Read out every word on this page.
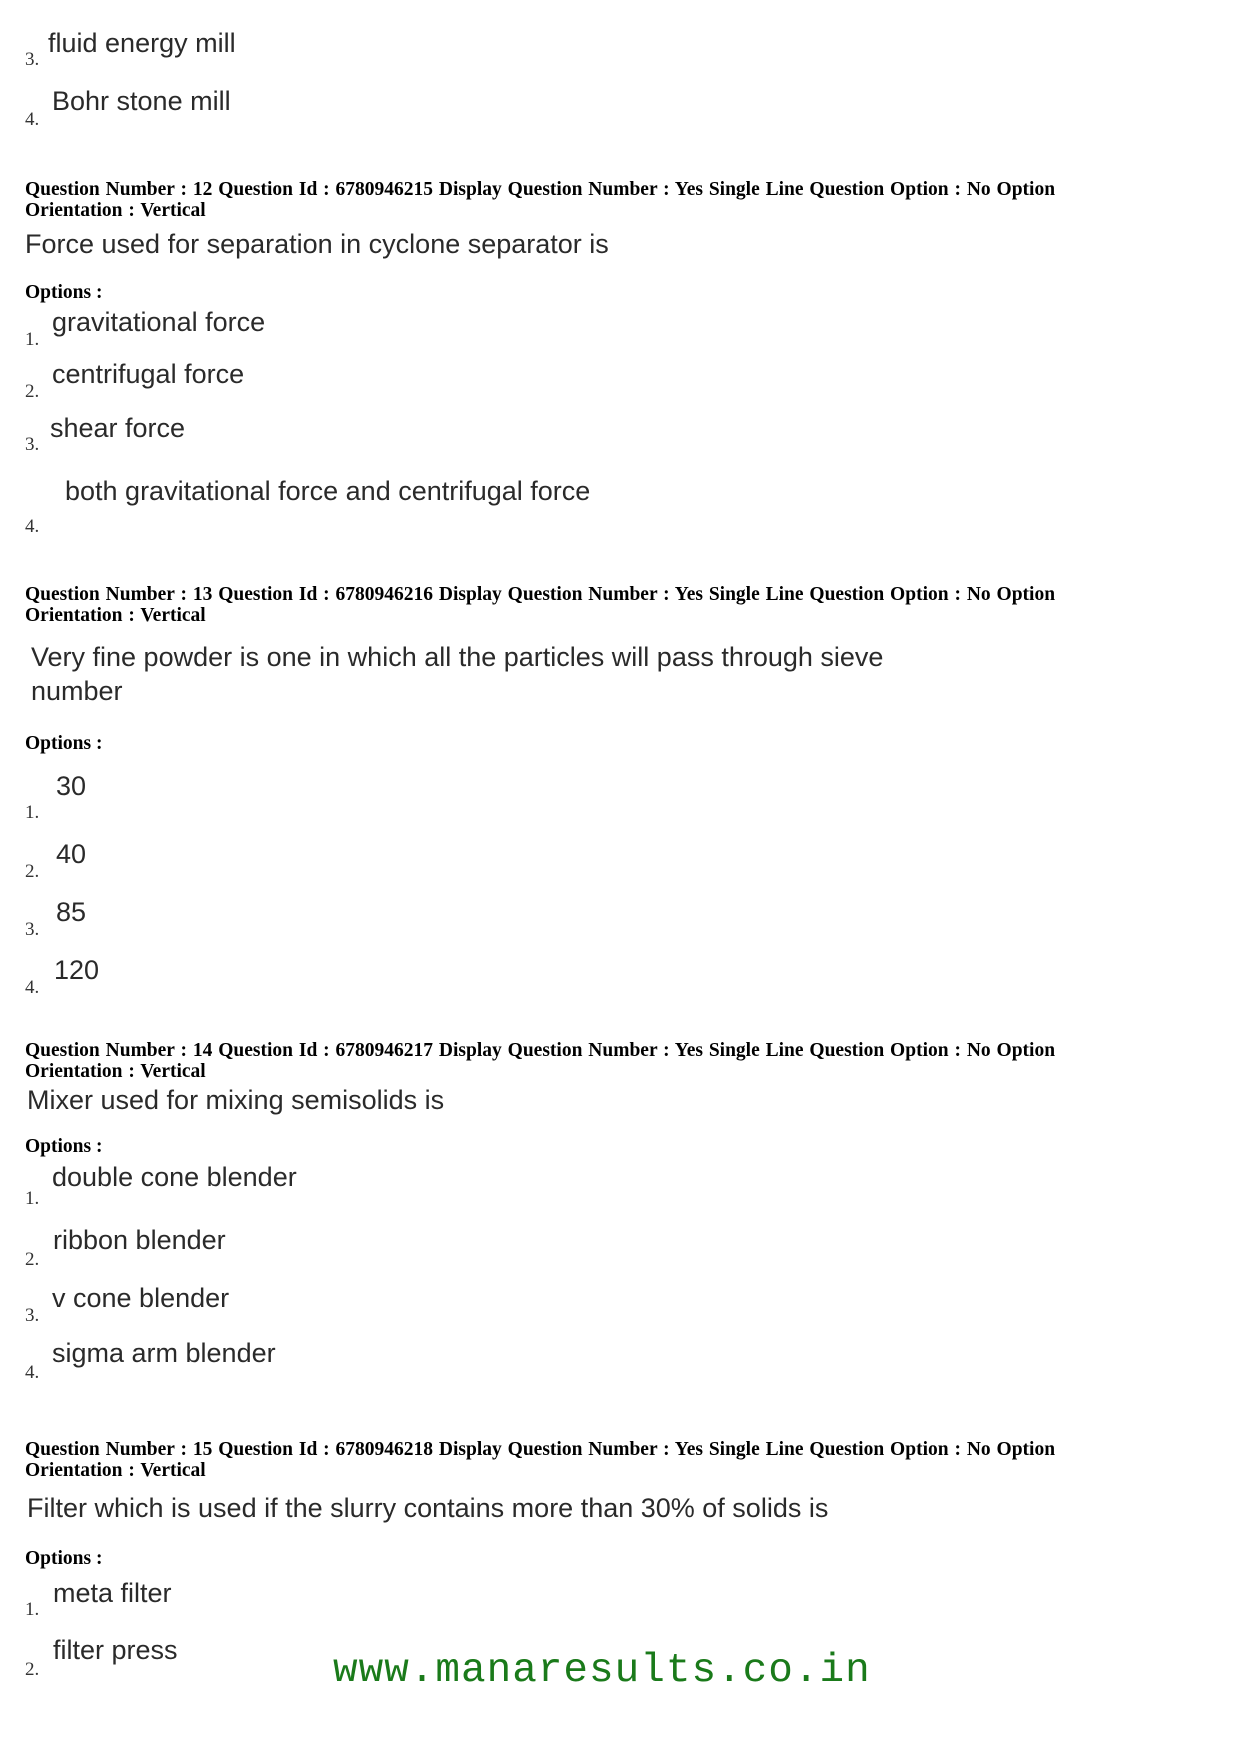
3.
fluid energy mill
4.
Bohr stone mill
Question Number : 12 Question Id : 6780946215 Display Question Number : Yes Single Line Question Option : No Option
Orientation : Vertical
Force used for separation in cyclone separator is
Options :
1.
gravitational force
2.
centrifugal force
3.
shear force
4.
both gravitational force and centrifugal force
Question Number : 13 Question Id : 6780946216 Display Question Number : Yes Single Line Question Option : No Option
Orientation : Vertical
Very fine powder is one in which all the particles will pass through sieve
number
Options :
1.
30
2.
40
3.
85
4.
120
Question Number : 14 Question Id : 6780946217 Display Question Number : Yes Single Line Question Option : No Option
Orientation : Vertical
Mixer used for mixing semisolids is
Options :
1.
double cone blender
2.
ribbon blender
3.
v cone blender
4.
sigma arm blender
Question Number : 15 Question Id : 6780946218 Display Question Number : Yes Single Line Question Option : No Option
Orientation : Vertical
Filter which is used if the slurry contains more than 30% of solids is
Options :
1.
meta filter
2.
filter press	www.manaresults.co.in
